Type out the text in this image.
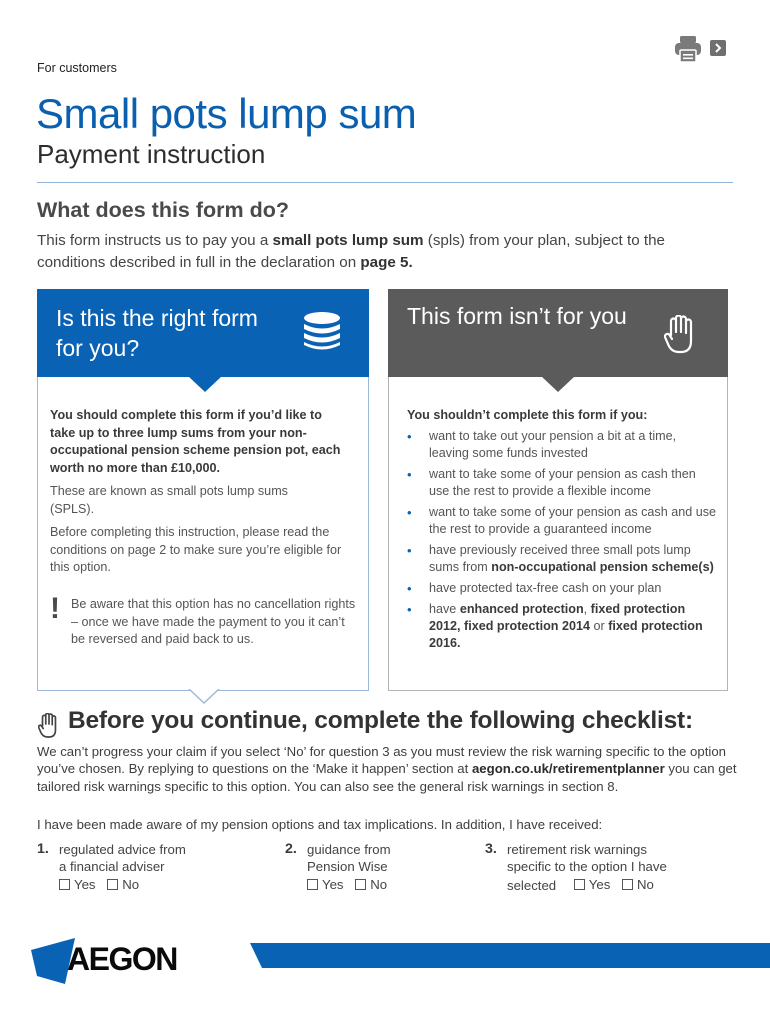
For customers
Small pots lump sum
Payment instruction
What does this form do?

This form instructs us to pay you a small pots lump sum (spls) from your plan, subject to the conditions described in full in the declaration on page 5.

Is this the right form for you?

You should complete this form if you’d like to take up to three lump sums from your non-occupational pension scheme pension pot, each worth no more than £10,000.

These are known as small pots lump sums (SPLS).

Before completing this instruction, please read the conditions on page 2 to make sure you’re eligible for this option.

! Be aware that this option has no cancellation rights – once we have made the payment to you it can’t be reversed and paid back to us.

This form isn’t for you

You shouldn’t complete this form if you:

• want to take out your pension a bit at a time, leaving some funds invested
• want to take some of your pension as cash then use the rest to provide a flexible income
• want to take some of your pension as cash and use the rest to provide a guaranteed income
• have previously received three small pots lump sums from non-occupational pension scheme(s)
• have protected tax-free cash on your plan
• have enhanced protection, fixed protection 2012, fixed protection 2014 or fixed protection 2016.
Before you continue, complete the following checklist:

We can’t progress your claim if you select ‘No’ for question 3 as you must review the risk warning specific to the option you’ve chosen. By replying to questions on the ‘Make it happen’ section at aegon.co.uk/retirementplanner you can get tailored risk warnings specific to this option. You can also see the general risk warnings in section 8.

I have been made aware of my pension options and tax implications. In addition, I have received:

1. regulated advice from
a financial adviser
Yes
No
2. guidance from
Pension Wise
Yes
No
3. retirement risk warnings
specific to the option I have
selected Yes
No
AEGON
